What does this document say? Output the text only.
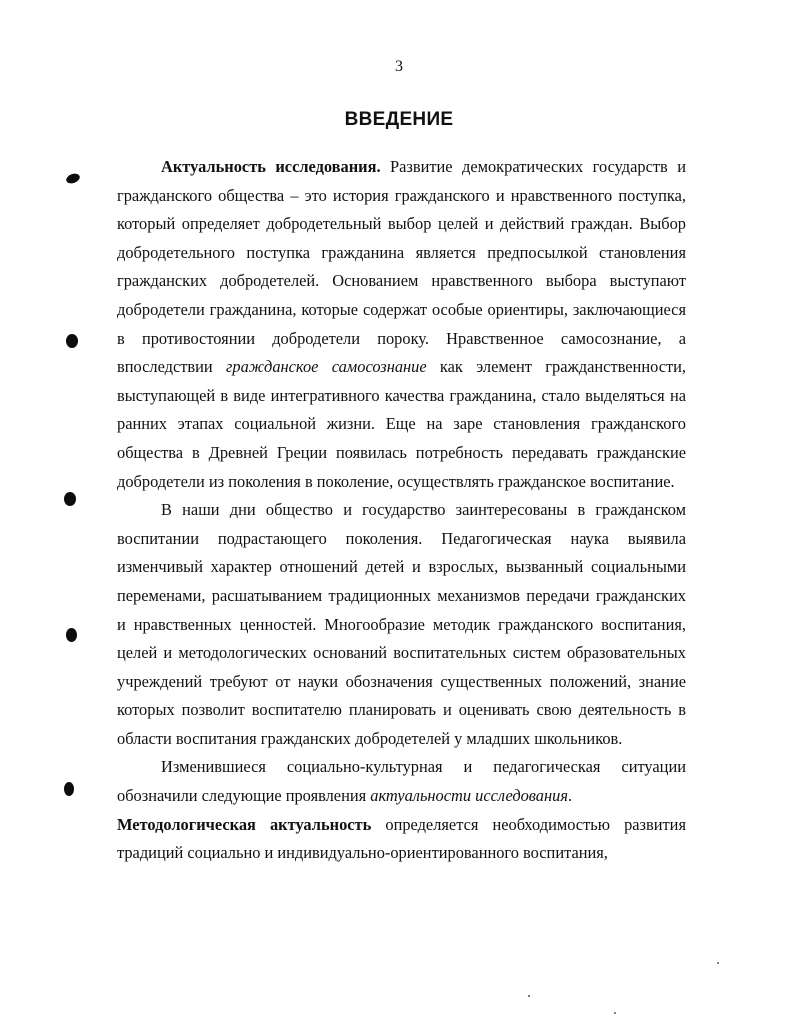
3
ВВЕДЕНИЕ

Актуальность исследования. Развитие демократических государств и гражданского общества – это история гражданского и нравственного поступка, который определяет добродетельный выбор целей и действий граждан. Выбор добродетельного поступка гражданина является предпосылкой становления гражданских добродетелей. Основанием нравственного выбора выступают добродетели гражданина, которые содержат особые ориентиры, заключающиеся в противостоянии добродетели пороку. Нравственное самосознание, а впоследствии гражданское самосознание как элемент гражданственности, выступающей в виде интегративного качества гражданина, стало выделяться на ранних этапах социальной жизни. Еще на заре становления гражданского общества в Древней Греции появилась потребность передавать гражданские добродетели из поколения в поколение, осуществлять гражданское воспитание.

В наши дни общество и государство заинтересованы в гражданском воспитании подрастающего поколения. Педагогическая наука выявила изменчивый характер отношений детей и взрослых, вызванный социальными переменами, расшатыванием традиционных механизмов передачи гражданских и нравственных ценностей. Многообразие методик гражданского воспитания, целей и методологических оснований воспитательных систем образовательных учреждений требуют от науки обозначения существенных положений, знание которых позволит воспитателю планировать и оценивать свою деятельность в области воспитания гражданских добродетелей у младших школьников.

Изменившиеся социально-культурная и педагогическая ситуации обозначили следующие проявления актуальности исследования.
Методологическая актуальность определяется необходимостью развития традиций социально и индивидуально-ориентированного воспитания,
